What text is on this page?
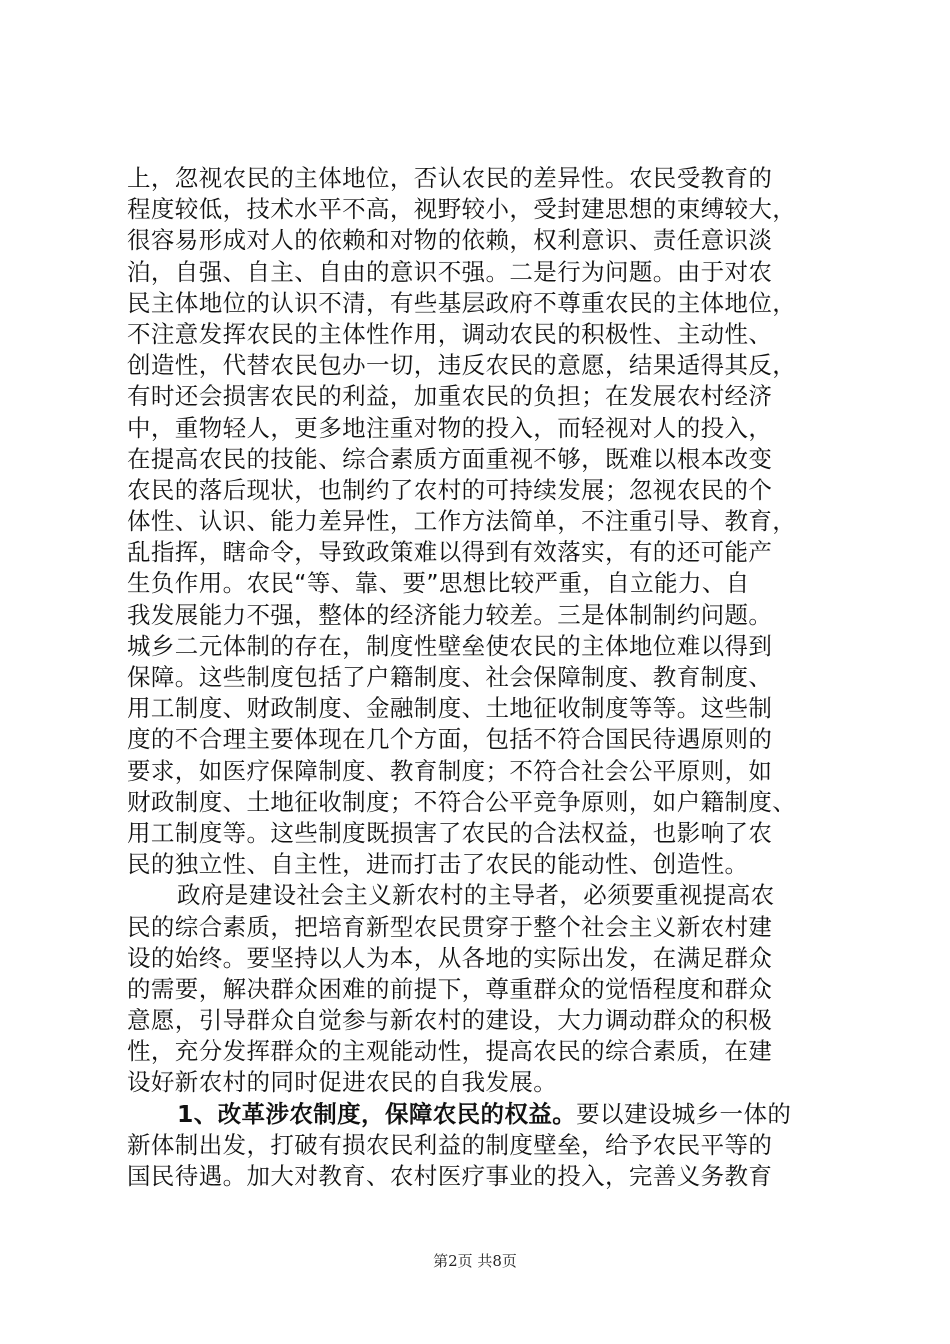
上，忽视农民的主体地位，否认农民的差异性。农民受教育的
程度较低，技术水平不高，视野较小，受封建思想的束缚较大，
很容易形成对人的依赖和对物的依赖，权利意识、责任意识淡
泊，自强、自主、自由的意识不强。二是行为问题。由于对农
民主体地位的认识不清，有些基层政府不尊重农民的主体地位，
不注意发挥农民的主体性作用，调动农民的积极性、主动性、
创造性，代替农民包办一切，违反农民的意愿，结果适得其反，
有时还会损害农民的利益，加重农民的负担；在发展农村经济
中，重物轻人，更多地注重对物的投入，而轻视对人的投入，
在提高农民的技能、综合素质方面重视不够，既难以根本改变
农民的落后现状，也制约了农村的可持续发展；忽视农民的个
体性、认识、能力差异性，工作方法简单，不注重引导、教育，
乱指挥，瞎命令，导致政策难以得到有效落实，有的还可能产
生负作用。农民“等、靠、要”思想比较严重，自立能力、自
我发展能力不强，整体的经济能力较差。三是体制制约问题。
城乡二元体制的存在，制度性壁垒使农民的主体地位难以得到
保障。这些制度包括了户籍制度、社会保障制度、教育制度、
用工制度、财政制度、金融制度、土地征收制度等等。这些制
度的不合理主要体现在几个方面，包括不符合国民待遇原则的
要求，如医疗保障制度、教育制度；不符合社会公平原则，如
财政制度、土地征收制度；不符合公平竞争原则，如户籍制度、
用工制度等。这些制度既损害了农民的合法权益，也影响了农
民的独立性、自主性，进而打击了农民的能动性、创造性。
政府是建设社会主义新农村的主导者，必须要重视提高农
民的综合素质，把培育新型农民贯穿于整个社会主义新农村建
设的始终。要坚持以人为本，从各地的实际出发，在满足群众
的需要，解决群众困难的前提下，尊重群众的觉悟程度和群众
意愿，引导群众自觉参与新农村的建设，大力调动群众的积极
性，充分发挥群众的主观能动性，提高农民的综合素质，在建
设好新农村的同时促进农民的自我发展。
1、改革涉农制度，保障农民的权益。要以建设城乡一体的
新体制出发，打破有损农民利益的制度壁垒，给予农民平等的
国民待遇。加大对教育、农村医疗事业的投入，完善义务教育
第2页 共8页
